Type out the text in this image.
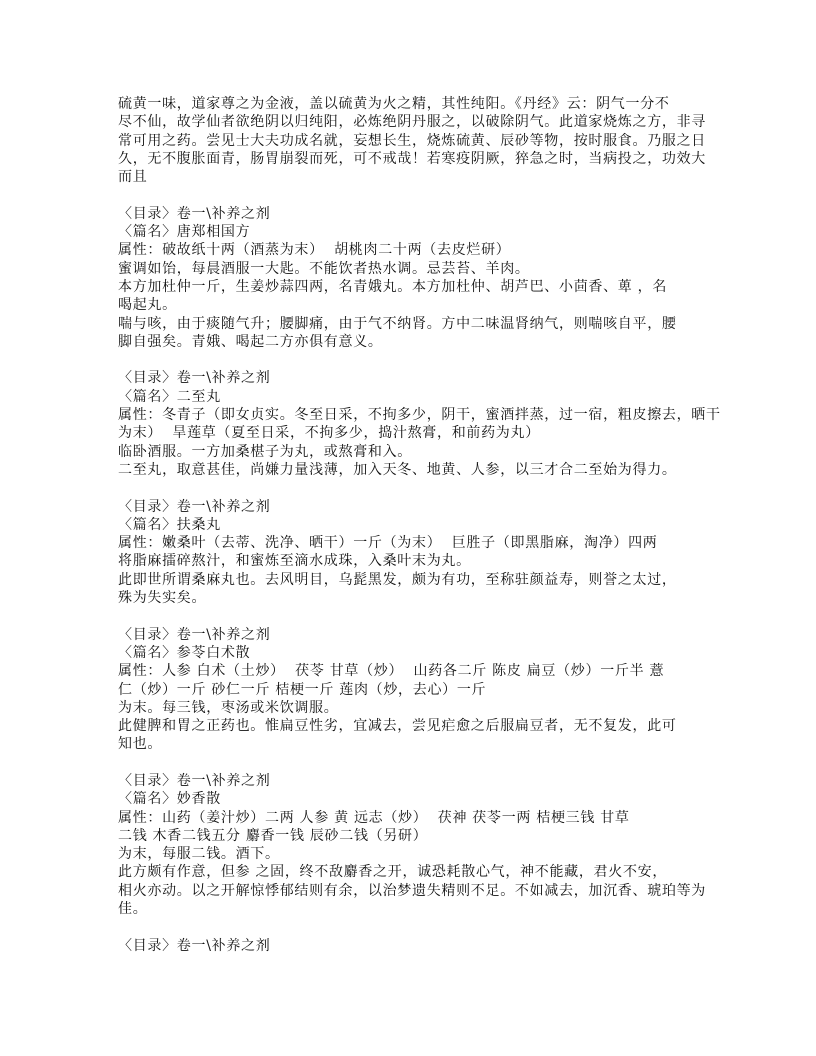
硫黄一味，道家尊之为金液，盖以硫黄为火之精，其性纯阳。《丹经》云：阴气一分不
尽不仙，故学仙者欲绝阴以归纯阳，必炼绝阴丹服之，以破除阴气。此道家烧炼之方，非寻
常可用之药。尝见士大夫功成名就，妄想长生，烧炼硫黄、辰砂等物，按时服食。乃服之日
久，无不腹胀面青，肠胃崩裂而死，可不戒哉！若寒疫阴厥，猝急之时，当病投之，功效大
而且
〈目录〉卷一\补养之剂
〈篇名〉唐郑相国方
属性：破故纸十两（酒蒸为末）  胡桃肉二十两（去皮烂研）
蜜调如饴，每晨酒服一大匙。不能饮者热水调。忌芸苔、羊肉。
本方加杜仲一斤，生姜炒蒜四两，名青娥丸。本方加杜仲、胡芦巴、小茴香、萆 ，名
喝起丸。
喘与咳，由于痰随气升；腰脚痛，由于气不纳肾。方中二味温肾纳气，则喘咳自平，腰
脚自强矣。青娥、喝起二方亦俱有意义。
〈目录〉卷一\补养之剂
〈篇名〉二至丸
属性：冬青子（即女贞实。冬至日采，不拘多少，阴干，蜜酒拌蒸，过一宿，粗皮擦去，晒干
为末）  旱莲草（夏至日采，不拘多少，捣汁熬膏，和前药为丸）
临卧酒服。一方加桑椹子为丸，或熬膏和入。
二至丸，取意甚佳，尚嫌力量浅薄，加入天冬、地黄、人参，以三才合二至始为得力。
〈目录〉卷一\补养之剂
〈篇名〉扶桑丸
属性：嫩桑叶（去蒂、洗净、晒干）一斤（为末）  巨胜子（即黑脂麻，淘净）四两
将脂麻擂碎熬汁，和蜜炼至滴水成珠，入桑叶末为丸。
此即世所谓桑麻丸也。去风明目，乌髭黑发，颇为有功，至称驻颜益寿，则誉之太过，
殊为失实矣。
〈目录〉卷一\补养之剂
〈篇名〉参苓白术散
属性：人参 白术（土炒）  茯苓 甘草（炒）  山药各二斤 陈皮 扁豆（炒）一斤半 薏
仁（炒）一斤 砂仁一斤 桔梗一斤 莲肉（炒，去心）一斤
为末。每三钱，枣汤或米饮调服。
此健脾和胃之正药也。惟扁豆性劣，宜减去，尝见疟愈之后服扁豆者，无不复发，此可
知也。
〈目录〉卷一\补养之剂
〈篇名〉妙香散
属性：山药（姜汁炒）二两 人参 黄 远志（炒）  茯神 茯苓一两 桔梗三钱 甘草
二钱 木香二钱五分 麝香一钱 辰砂二钱（另研）
为末，每服二钱。酒下。
此方颇有作意，但参 之固，终不敌麝香之开，诚恐耗散心气，神不能藏，君火不安，
相火亦动。以之开解惊悸郁结则有余，以治梦遗失精则不足。不如减去，加沉香、琥珀等为
佳。
〈目录〉卷一\补养之剂
